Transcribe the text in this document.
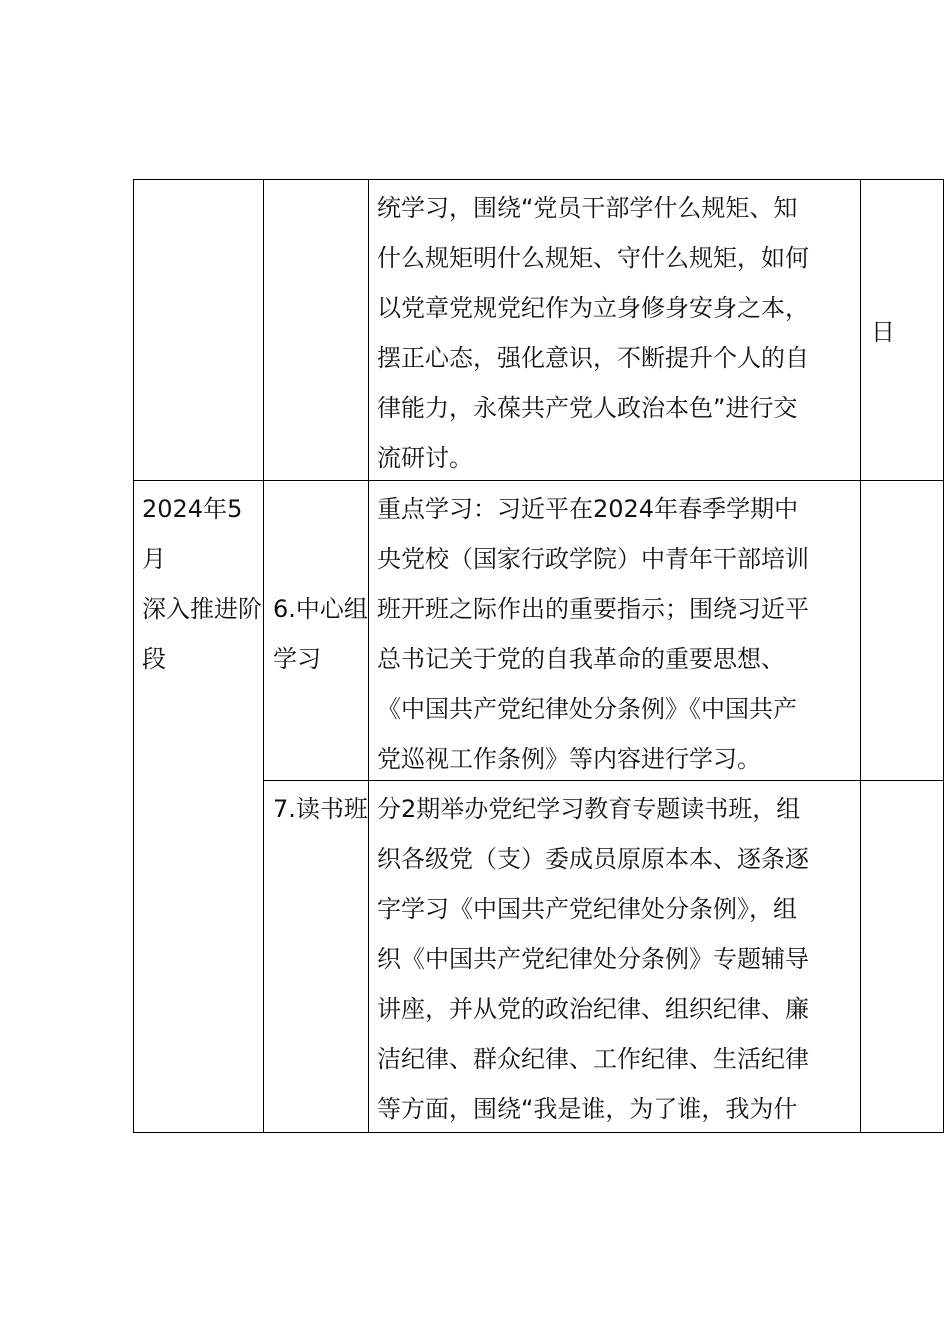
统学习，围绕“党员干部学什么规矩、知
什么规矩明什么规矩、守什么规矩，如何
以党章党规党纪作为立身修身安身之本，
摆正心态，强化意识，不断提升个人的自
律能力，永葆共产党人政治本色”进行交
流研讨。
日
2024年5
月
深入推进阶
段
6.中心组
学习
重点学习：习近平在2024年春季学期中
央党校（国家行政学院）中青年干部培训
班开班之际作出的重要指示；围绕习近平
总书记关于党的自我革命的重要思想、
《中国共产党纪律处分条例》《中国共产
党巡视工作条例》等内容进行学习。
7.读书班 分2期举办党纪学习教育专题读书班，组
织各级党（支）委成员原原本本、逐条逐
字学习《中国共产党纪律处分条例》，组
织《中国共产党纪律处分条例》专题辅导
讲座，并从党的政治纪律、组织纪律、廉
洁纪律、群众纪律、工作纪律、生活纪律
等方面，围绕“我是谁，为了谁，我为什
